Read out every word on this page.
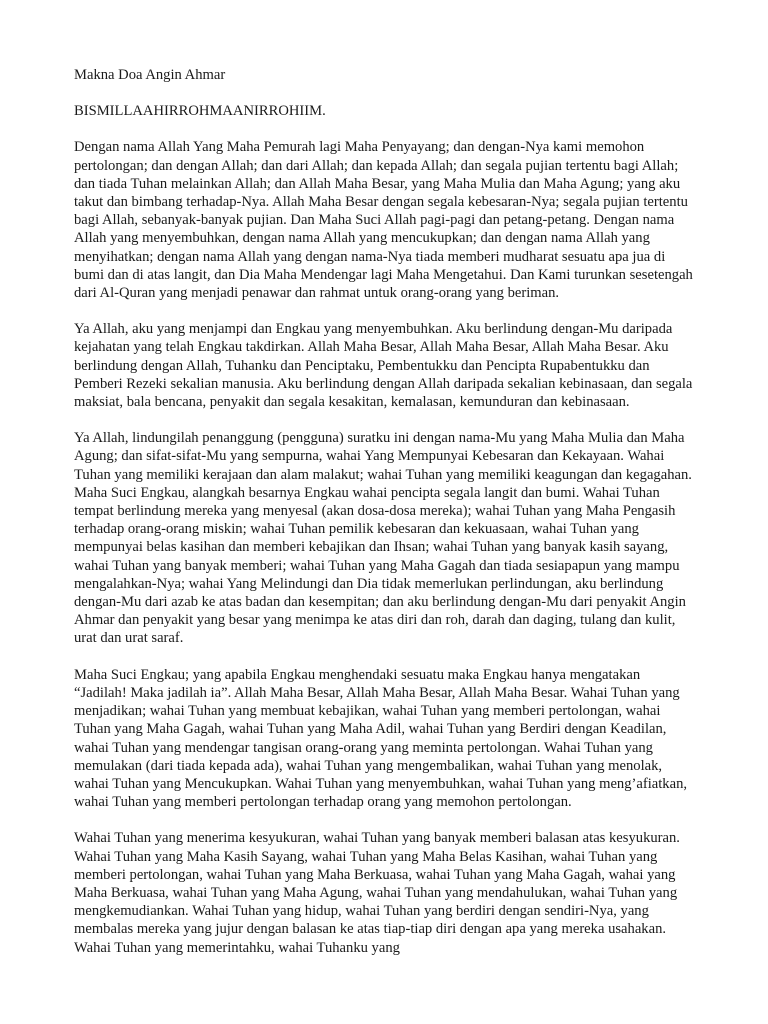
Makna Doa Angin Ahmar
BISMILLAAHIRROHMAANIRROHIIM.

Dengan nama Allah Yang Maha Pemurah lagi Maha Penyayang; dan dengan-Nya kami memohon pertolongan; dan dengan Allah; dan dari Allah; dan kepada Allah; dan segala pujian tertentu bagi Allah; dan tiada Tuhan melainkan Allah; dan Allah Maha Besar, yang Maha Mulia dan Maha Agung; yang aku takut dan bimbang terhadap-Nya. Allah Maha Besar dengan segala kebesaran-Nya; segala pujian tertentu bagi Allah, sebanyak-banyak pujian. Dan Maha Suci Allah pagi-pagi dan petang-petang. Dengan nama Allah yang menyembuhkan, dengan nama Allah yang mencukupkan; dan dengan nama Allah yang menyihatkan; dengan nama Allah yang dengan nama-Nya tiada memberi mudharat sesuatu apa jua di bumi dan di atas langit, dan Dia Maha Mendengar lagi Maha Mengetahui. Dan Kami turunkan sesetengah dari Al-Quran yang menjadi penawar dan rahmat untuk orang-orang yang beriman.

Ya Allah, aku yang menjampi dan Engkau yang menyembuhkan. Aku berlindung dengan-Mu daripada kejahatan yang telah Engkau takdirkan. Allah Maha Besar, Allah Maha Besar, Allah Maha Besar. Aku berlindung dengan Allah, Tuhanku dan Penciptaku, Pembentukku dan Pencipta Rupabentukku dan Pemberi Rezeki sekalian manusia. Aku berlindung dengan Allah daripada sekalian kebinasaan, dan segala maksiat, bala bencana, penyakit dan segala kesakitan, kemalasan, kemunduran dan kebinasaan.

Ya Allah, lindungilah penanggung (pengguna) suratku ini dengan nama-Mu yang Maha Mulia dan Maha Agung; dan sifat-sifat-Mu yang sempurna, wahai Yang Mempunyai Kebesaran dan Kekayaan. Wahai Tuhan yang memiliki kerajaan dan alam malakut; wahai Tuhan yang memiliki keagungan dan kegagahan. Maha Suci Engkau, alangkah besarnya Engkau wahai pencipta segala langit dan bumi. Wahai Tuhan tempat berlindung mereka yang menyesal (akan dosa-dosa mereka); wahai Tuhan yang Maha Pengasih terhadap orang-orang miskin; wahai Tuhan pemilik kebesaran dan kekuasaan, wahai Tuhan yang mempunyai belas kasihan dan memberi kebajikan dan Ihsan; wahai Tuhan yang banyak kasih sayang, wahai Tuhan yang banyak memberi; wahai Tuhan yang Maha Gagah dan tiada sesiapapun yang mampu mengalahkan-Nya; wahai Yang Melindungi dan Dia tidak memerlukan perlindungan, aku berlindung dengan-Mu dari azab ke atas badan dan kesempitan; dan aku berlindung dengan-Mu dari penyakit Angin Ahmar dan penyakit yang besar yang menimpa ke atas diri dan roh, darah dan daging, tulang dan kulit, urat dan urat saraf.

Maha Suci Engkau; yang apabila Engkau menghendaki sesuatu maka Engkau hanya mengatakan “Jadilah! Maka jadilah ia”. Allah Maha Besar, Allah Maha Besar, Allah Maha Besar. Wahai Tuhan yang menjadikan; wahai Tuhan yang membuat kebajikan, wahai Tuhan yang memberi pertolongan, wahai Tuhan yang Maha Gagah, wahai Tuhan yang Maha Adil, wahai Tuhan yang Berdiri dengan Keadilan, wahai Tuhan yang mendengar tangisan orang-orang yang meminta pertolongan. Wahai Tuhan yang memulakan (dari tiada kepada ada), wahai Tuhan yang mengembalikan, wahai Tuhan yang menolak, wahai Tuhan yang Mencukupkan. Wahai Tuhan yang menyembuhkan, wahai Tuhan yang meng’afiatkan, wahai Tuhan yang memberi pertolongan terhadap orang yang memohon pertolongan.

Wahai Tuhan yang menerima kesyukuran, wahai Tuhan yang banyak memberi balasan atas kesyukuran. Wahai Tuhan yang Maha Kasih Sayang, wahai Tuhan yang Maha Belas Kasihan, wahai Tuhan yang memberi pertolongan, wahai Tuhan yang Maha Berkuasa, wahai Tuhan yang Maha Gagah, wahai yang Maha Berkuasa, wahai Tuhan yang Maha Agung, wahai Tuhan yang mendahulukan, wahai Tuhan yang mengkemudiankan. Wahai Tuhan yang hidup, wahai Tuhan yang berdiri dengan sendiri-Nya, yang membalas mereka yang jujur dengan balasan ke atas tiap-tiap diri dengan apa yang mereka usahakan. Wahai Tuhan yang memerintahku, wahai Tuhanku yang
